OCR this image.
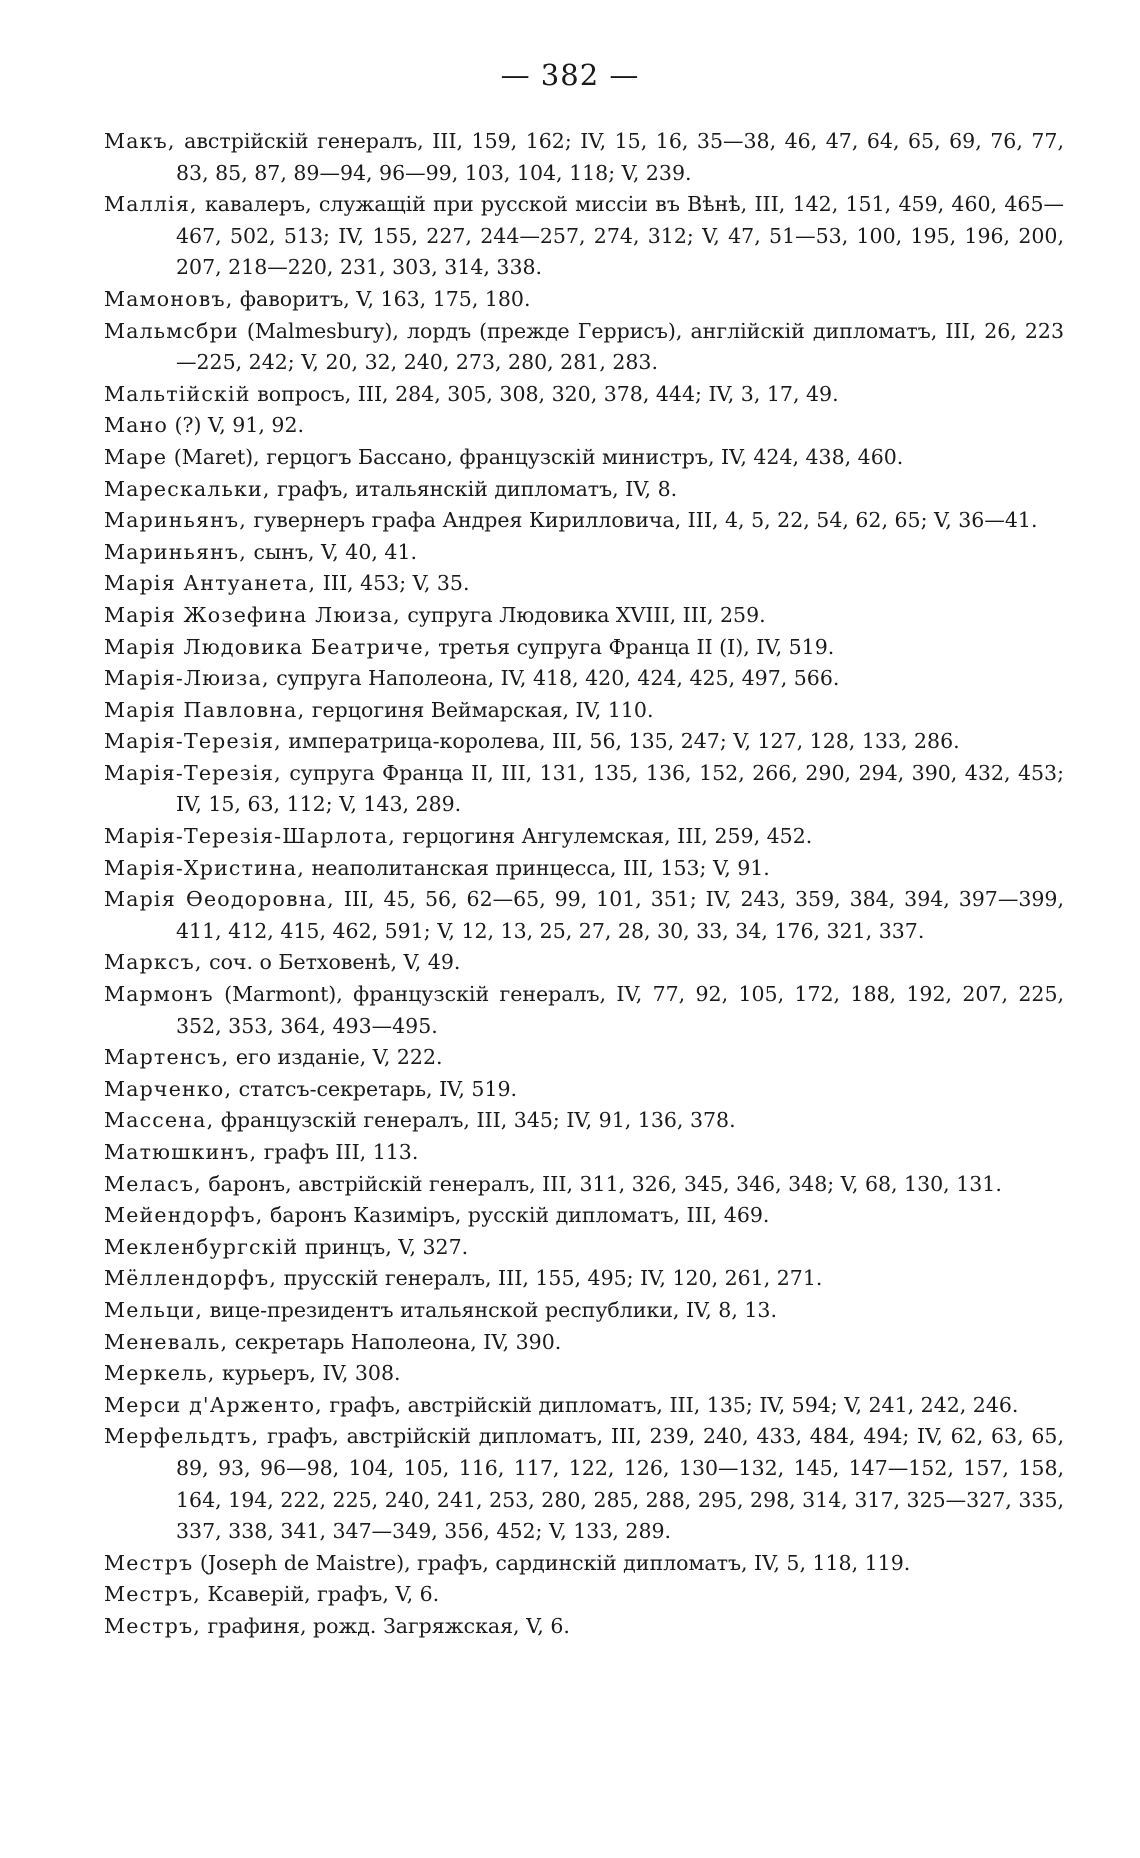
— 382 —
Макъ, австрійскій генералъ, III, 159, 162; IV, 15, 16, 35—38, 46, 47, 64, 65, 69, 76, 77, 83, 85, 87, 89—94, 96—99, 103, 104, 118; V, 239.
Маллія, кавалеръ, служащій при русской миссіи въ Вѣнѣ, III, 142, 151, 459, 460, 465—467, 502, 513; IV, 155, 227, 244—257, 274, 312; V, 47, 51—53, 100, 195, 196, 200, 207, 218—220, 231, 303, 314, 338.
Мамоновъ, фаворитъ, V, 163, 175, 180.
Мальмсбри (Malmesbury), лордъ (прежде Геррисъ), англійскій дипломатъ, III, 26, 223—225, 242; V, 20, 32, 240, 273, 280, 281, 283.
Мальтійскій вопросъ, III, 284, 305, 308, 320, 378, 444; IV, 3, 17, 49.
Мано (?) V, 91, 92.
Маре (Maret), герцогъ Бассано, французскій министръ, IV, 424, 438, 460.
Марескальки, графъ, итальянскій дипломатъ, IV, 8.
Мариньянъ, гувернеръ графа Андрея Кирилловича, III, 4, 5, 22, 54, 62, 65; V, 36—41.
Мариньянъ, сынъ, V, 40, 41.
Марія Антуанета, III, 453; V, 35.
Марія Жозефина Люиза, супруга Людовика XVIII, III, 259.
Марія Людовика Беатриче, третья супруга Франца II (I), IV, 519.
Марія-Люиза, супруга Наполеона, IV, 418, 420, 424, 425, 497, 566.
Марія Павловна, герцогиня Веймарская, IV, 110.
Марія-Терезія, императрица-королева, III, 56, 135, 247; V, 127, 128, 133, 286.
Марія-Терезія, супруга Франца II, III, 131, 135, 136, 152, 266, 290, 294, 390, 432, 453; IV, 15, 63, 112; V, 143, 289.
Марія-Терезія-Шарлота, герцогиня Ангулемская, III, 259, 452.
Марія-Христина, неаполитанская принцесса, III, 153; V, 91.
Марія Ѳеодоровна, III, 45, 56, 62—65, 99, 101, 351; IV, 243, 359, 384, 394, 397—399, 411, 412, 415, 462, 591; V, 12, 13, 25, 27, 28, 30, 33, 34, 176, 321, 337.
Марксъ, соч. о Бетховенѣ, V, 49.
Мармонъ (Marmont), французскій генералъ, IV, 77, 92, 105, 172, 188, 192, 207, 225, 352, 353, 364, 493—495.
Мартенсъ, его изданіе, V, 222.
Марченко, статсъ-секретарь, IV, 519.
Массена, французскій генералъ, III, 345; IV, 91, 136, 378.
Матюшкинъ, графъ III, 113.
Меласъ, баронъ, австрійскій генералъ, III, 311, 326, 345, 346, 348; V, 68, 130, 131.
Мейендорфъ, баронъ Казиміръ, русскій дипломатъ, III, 469.
Мекленбургскій принцъ, V, 327.
Мёллендорфъ, прусскій генералъ, III, 155, 495; IV, 120, 261, 271.
Мельци, вице-президентъ итальянской республики, IV, 8, 13.
Меневаль, секретарь Наполеона, IV, 390.
Меркель, курьеръ, IV, 308.
Мерси д'Арженто, графъ, австрійскій дипломатъ, III, 135; IV, 594; V, 241, 242, 246.
Мерфельдтъ, графъ, австрійскій дипломатъ, III, 239, 240, 433, 484, 494; IV, 62, 63, 65, 89, 93, 96—98, 104, 105, 116, 117, 122, 126, 130—132, 145, 147—152, 157, 158, 164, 194, 222, 225, 240, 241, 253, 280, 285, 288, 295, 298, 314, 317, 325—327, 335, 337, 338, 341, 347—349, 356, 452; V, 133, 289.
Местръ (Joseph de Maistre), графъ, сардинскій дипломатъ, IV, 5, 118, 119.
Местръ, Ксаверій, графъ, V, 6.
Местръ, графиня, рожд. Загряжская, V, 6.
